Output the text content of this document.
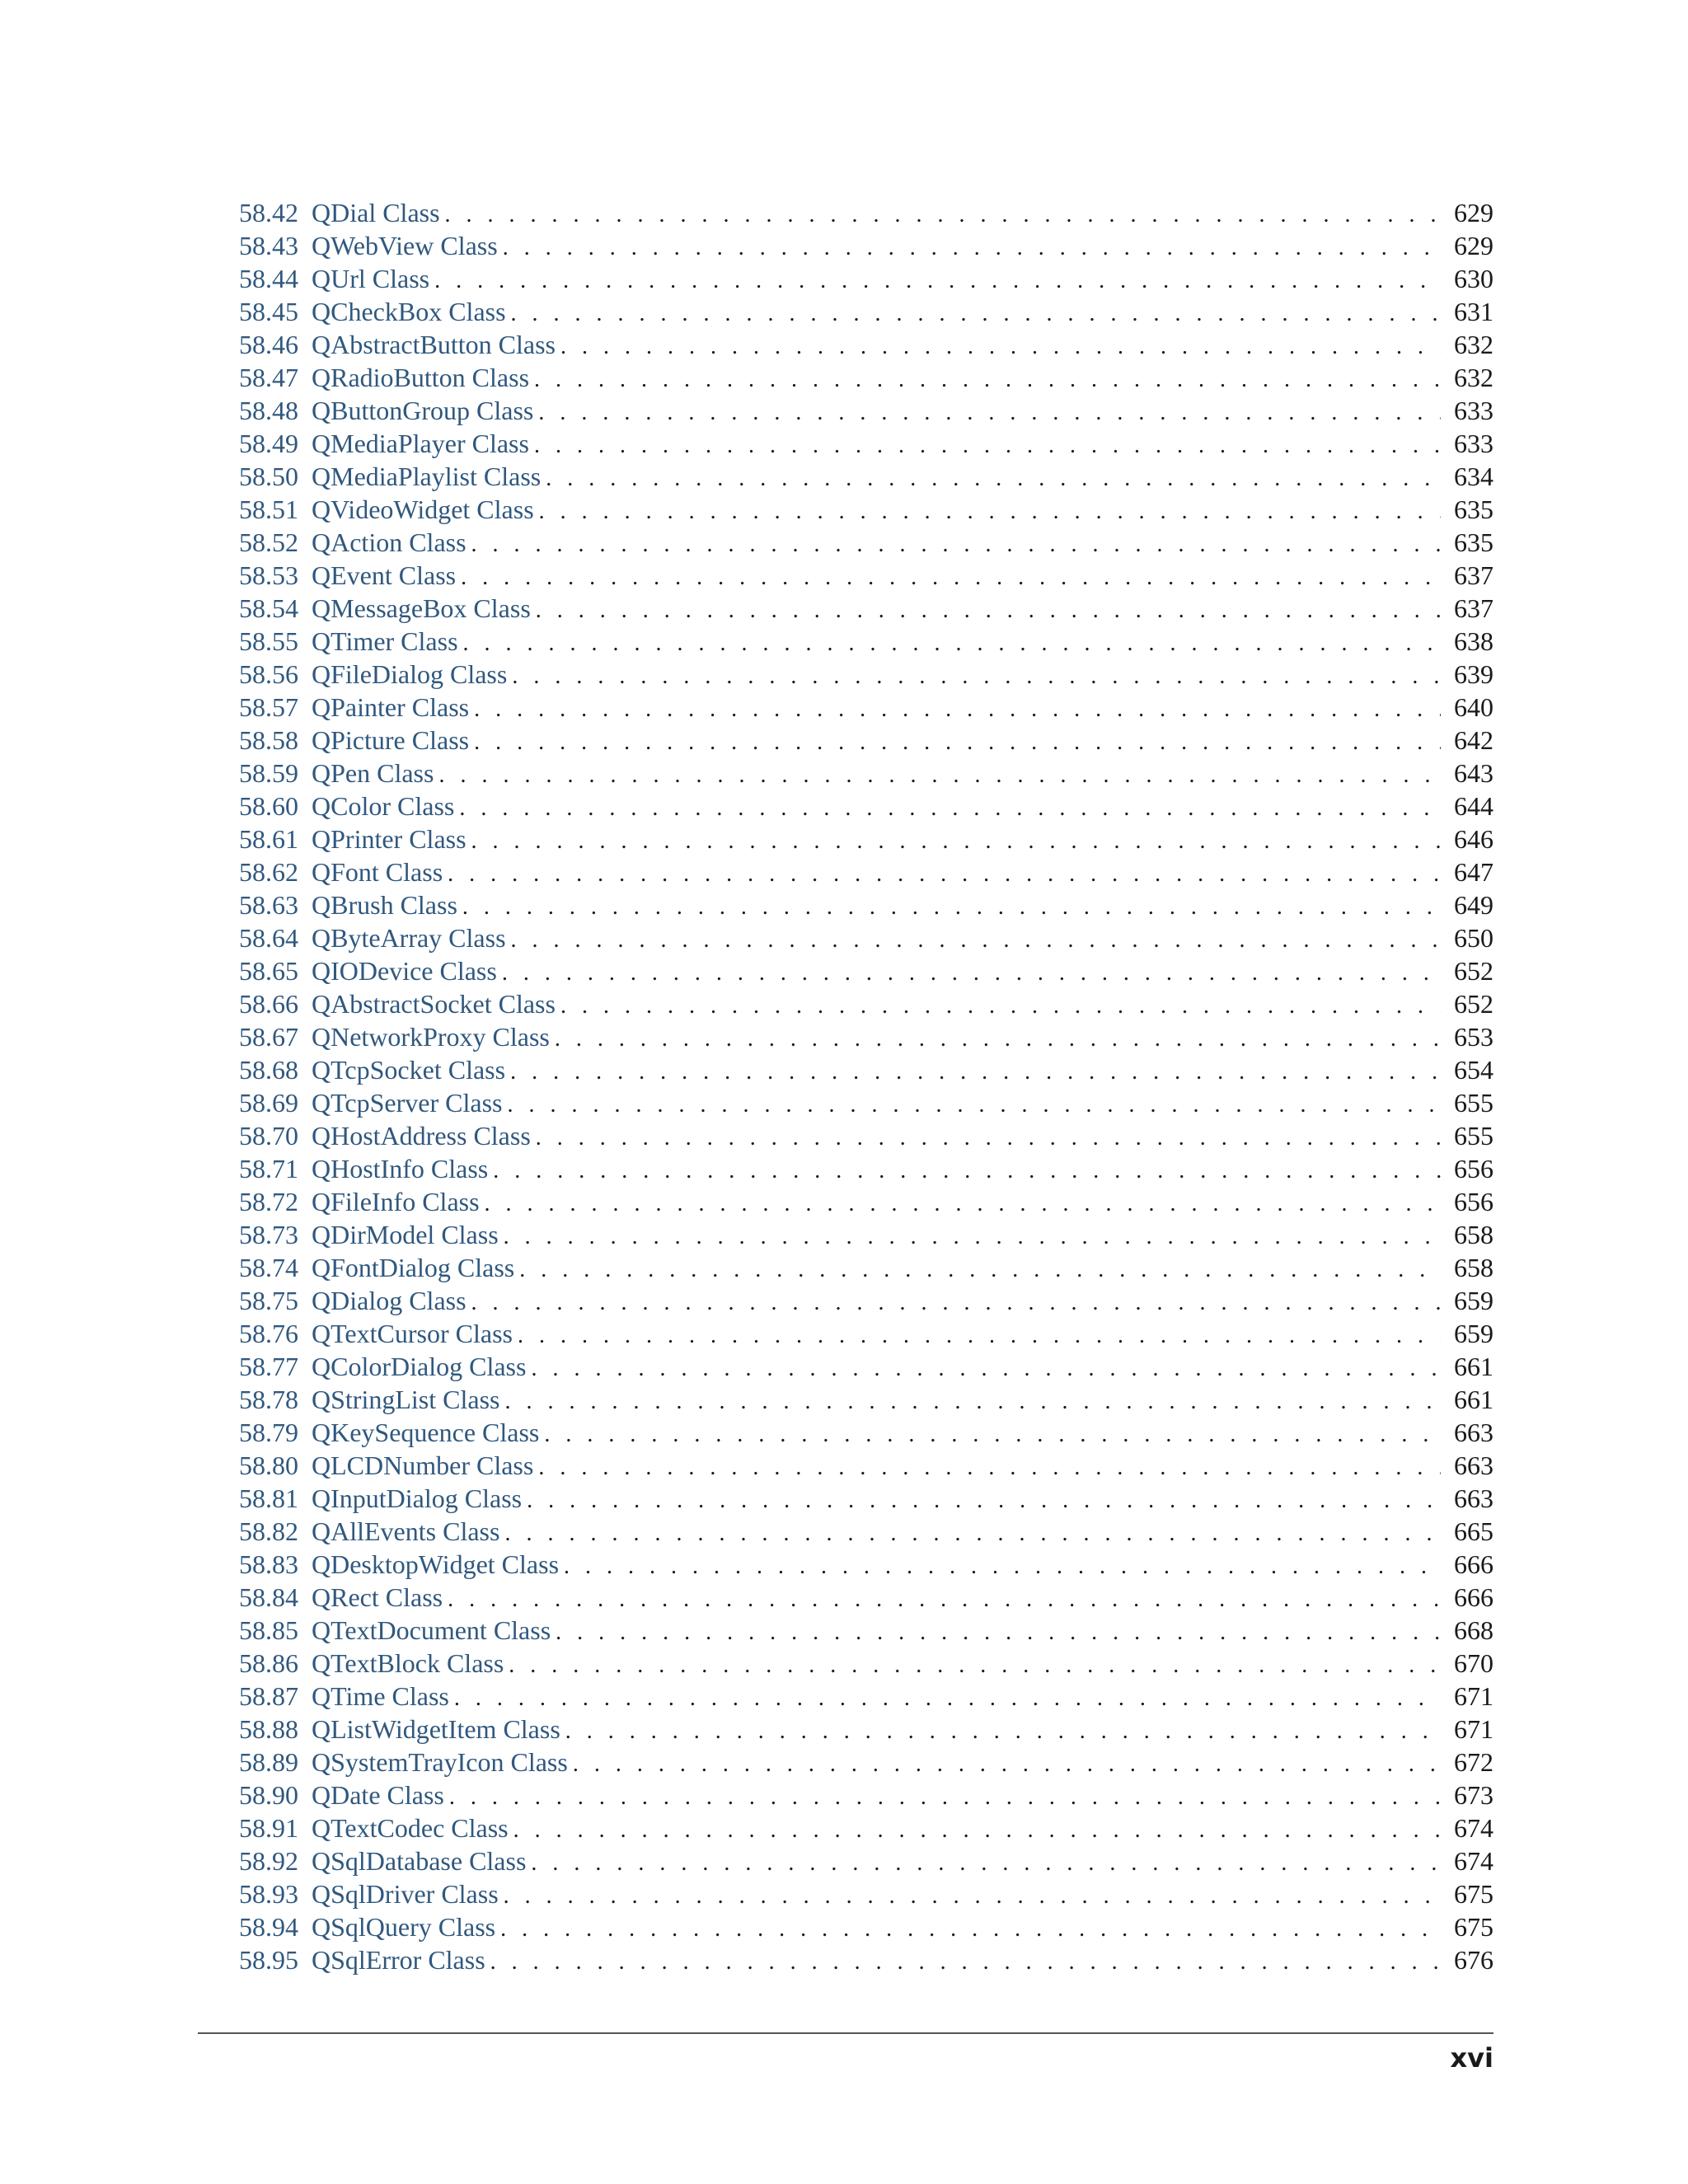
58.42 QDial Class . . .	629
58.43 QWebView Class . . .	629
58.44 QUrl Class . . .	630
58.45 QCheckBox Class . . .	631
58.46 QAbstractButton Class . . .	632
58.47 QRadioButton Class . . .	632
58.48 QButtonGroup Class . . .	633
58.49 QMediaPlayer Class . . .	633
58.50 QMediaPlaylist Class . . .	634
58.51 QVideoWidget Class . . .	635
58.52 QAction Class . . .	635
58.53 QEvent Class . . .	637
58.54 QMessageBox Class . . .	637
58.55 QTimer Class . . .	638
58.56 QFileDialog Class . . .	639
58.57 QPainter Class . . .	640
58.58 QPicture Class . . .	642
58.59 QPen Class . . .	643
58.60 QColor Class . . .	644
58.61 QPrinter Class . . .	646
58.62 QFont Class . . .	647
58.63 QBrush Class . . .	649
58.64 QByteArray Class . . .	650
58.65 QIODevice Class . . .	652
58.66 QAbstractSocket Class . . .	652
58.67 QNetworkProxy Class . . .	653
58.68 QTcpSocket Class . . .	654
58.69 QTcpServer Class . . .	655
58.70 QHostAddress Class . . .	655
58.71 QHostInfo Class . . .	656
58.72 QFileInfo Class . . .	656
58.73 QDirModel Class . . .	658
58.74 QFontDialog Class . . .	658
58.75 QDialog Class . . .	659
58.76 QTextCursor Class . . .	659
58.77 QColorDialog Class . . .	661
58.78 QStringList Class . . .	661
58.79 QKeySequence Class . . .	663
58.80 QLCDNumber Class . . .	663
58.81 QInputDialog Class . . .	663
58.82 QAllEvents Class . . .	665
58.83 QDesktopWidget Class . . .	666
58.84 QRect Class . . .	666
58.85 QTextDocument Class . . .	668
58.86 QTextBlock Class . . .	670
58.87 QTime Class . . .	671
58.88 QListWidgetItem Class . . .	671
58.89 QSystemTrayIcon Class . . .	672
58.90 QDate Class . . .	673
58.91 QTextCodec Class . . .	674
58.92 QSqlDatabase Class . . .	674
58.93 QSqlDriver Class . . .	675
58.94 QSqlQuery Class . . .	675
58.95 QSqlError Class . . .	676
xvi
